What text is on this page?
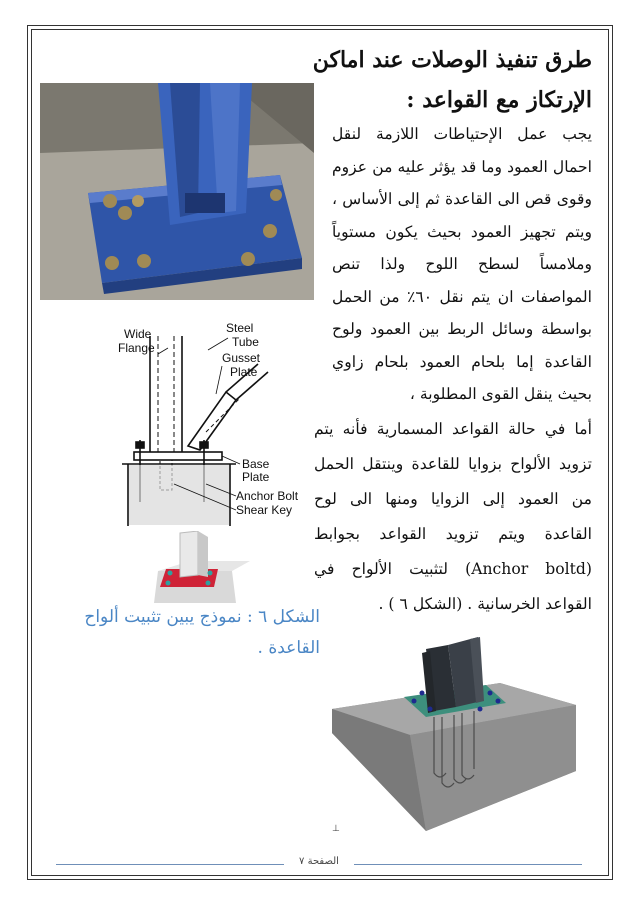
طرق تنفيذ الوصلات عند اماكن الإرتكاز مع القواعد :

يجب عمل الإحتياطات اللازمة لنقل احمال العمود وما قد يؤثر عليه من عزوم وقوى قص الى القاعدة ثم إلى الأساس ، ويتم تجهيز العمود بحيث يكون مستوياً وملامساً لسطح اللوح ولذا تنص المواصفات ان يتم نقل ٦٠٪ من الحمل بواسطة وسائل الربط بين العمود ولوح القاعدة إما بلحام العمود بلحام زاوي بحيث ينقل القوى المطلوبة ،

أما في حالة القواعد المسمارية فأنه يتم تزويد الألواح بزوايا للقاعدة وينتقل الحمل من العمود إلى الزوايا ومنها الى لوح القاعدة ويتم تزويد القواعد بجوابط (Anchor boltd) لتثبيت الألواح في القواعد الخرسانية . (الشكل ٦ ) .

Wide
Flange
Steel
Tube
Gusset
Plate
Base
Plate
Anchor Bolt
Shear Key

الشكل ٦ : نموذج يبين تثبيت ألواح القاعدة .

⊥
الصفحة ٧
